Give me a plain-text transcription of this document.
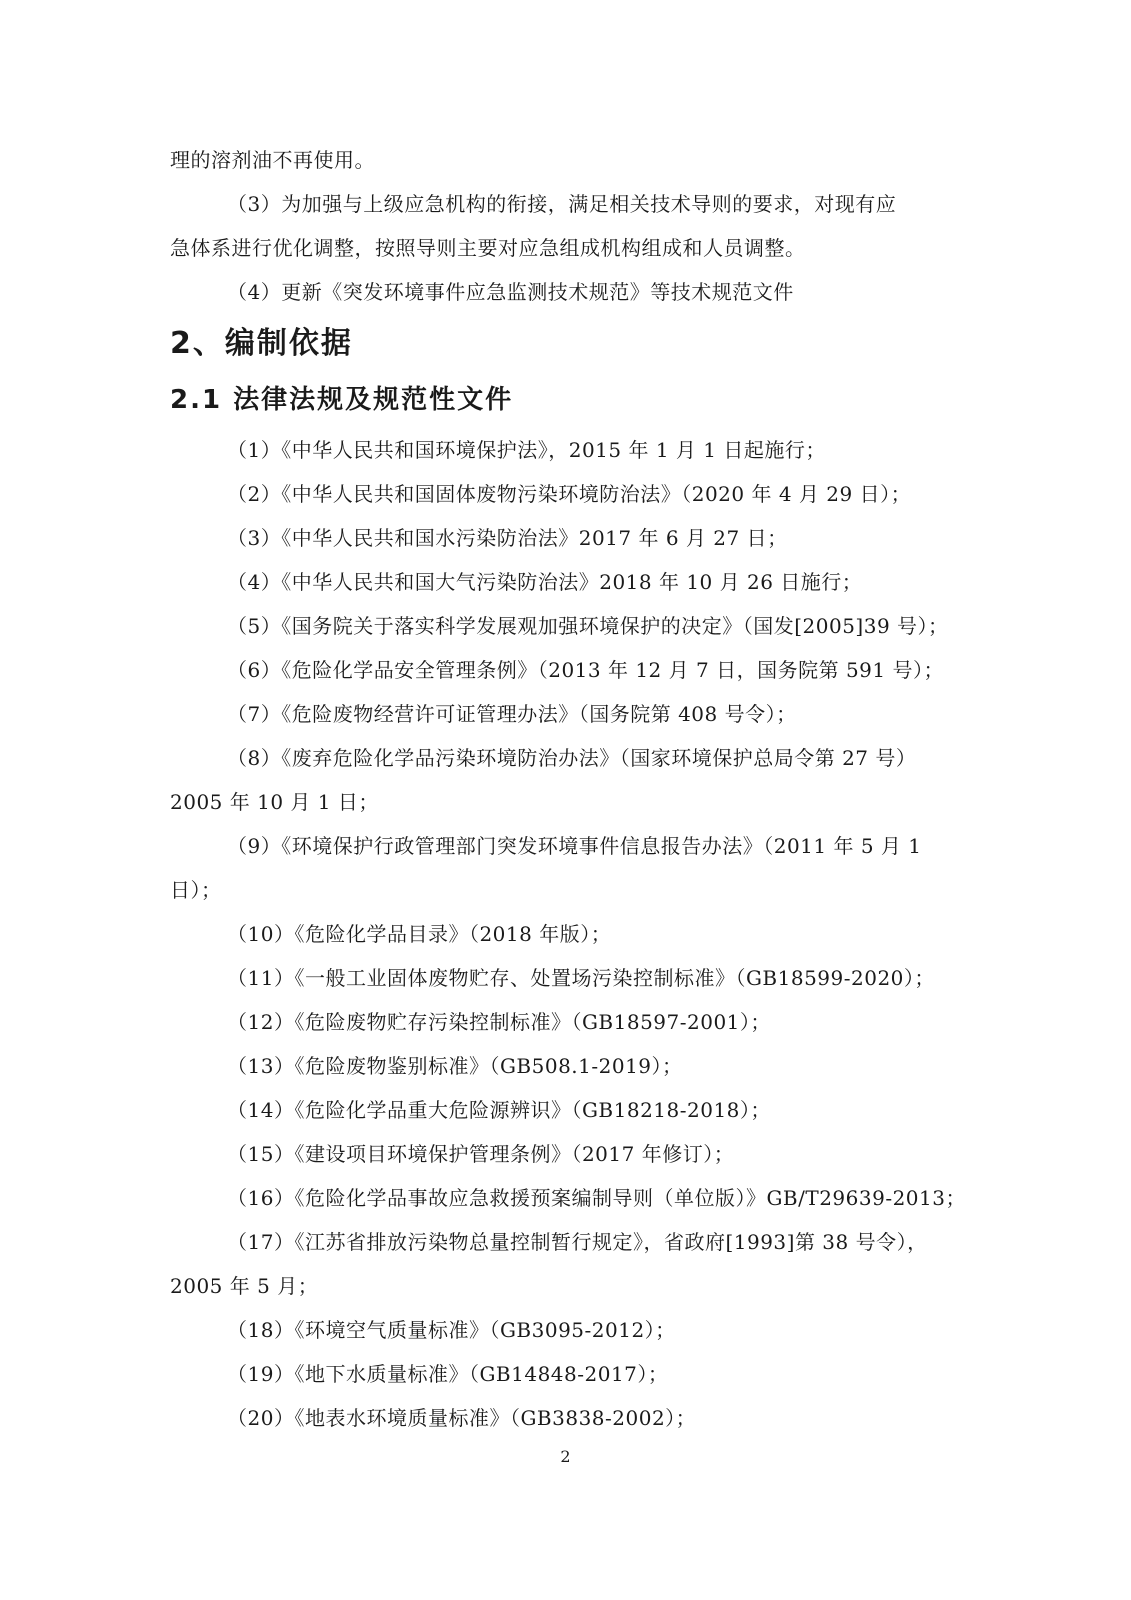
理的溶剂油不再使用。
（3）为加强与上级应急机构的衔接，满足相关技术导则的要求，对现有应
急体系进行优化调整，按照导则主要对应急组成机构组成和人员调整。
（4）更新《突发环境事件应急监测技术规范》等技术规范文件
2、编制依据
2.1 法律法规及规范性文件
（1）《中华人民共和国环境保护法》，2015 年 1 月 1 日起施行；
（2）《中华人民共和国固体废物污染环境防治法》（2020 年 4 月 29 日）；
（3）《中华人民共和国水污染防治法》2017 年 6 月 27 日；
（4）《中华人民共和国大气污染防治法》2018 年 10 月 26 日施行；
（5）《国务院关于落实科学发展观加强环境保护的决定》（国发[2005]39 号）；
（6）《危险化学品安全管理条例》（2013 年 12 月 7 日，国务院第 591 号）；
（7）《危险废物经营许可证管理办法》（国务院第 408 号令）；
（8）《废弃危险化学品污染环境防治办法》（国家环境保护总局令第 27 号）
2005 年 10 月 1 日；
（9）《环境保护行政管理部门突发环境事件信息报告办法》（2011 年 5 月 1
日）；
（10）《危险化学品目录》（2018 年版）；
（11）《一般工业固体废物贮存、处置场污染控制标准》（GB18599-2020）；
（12）《危险废物贮存污染控制标准》（GB18597-2001）；
（13）《危险废物鉴别标准》（GB508.1-2019）；
（14）《危险化学品重大危险源辨识》（GB18218-2018）；
（15）《建设项目环境保护管理条例》（2017 年修订）；
（16）《危险化学品事故应急救援预案编制导则（单位版）》GB/T29639-2013；
（17）《江苏省排放污染物总量控制暂行规定》，省政府[1993]第 38 号令），
2005 年 5 月；
（18）《环境空气质量标准》（GB3095-2012）；
（19）《地下水质量标准》（GB14848-2017）；
（20）《地表水环境质量标准》（GB3838-2002）；
2
